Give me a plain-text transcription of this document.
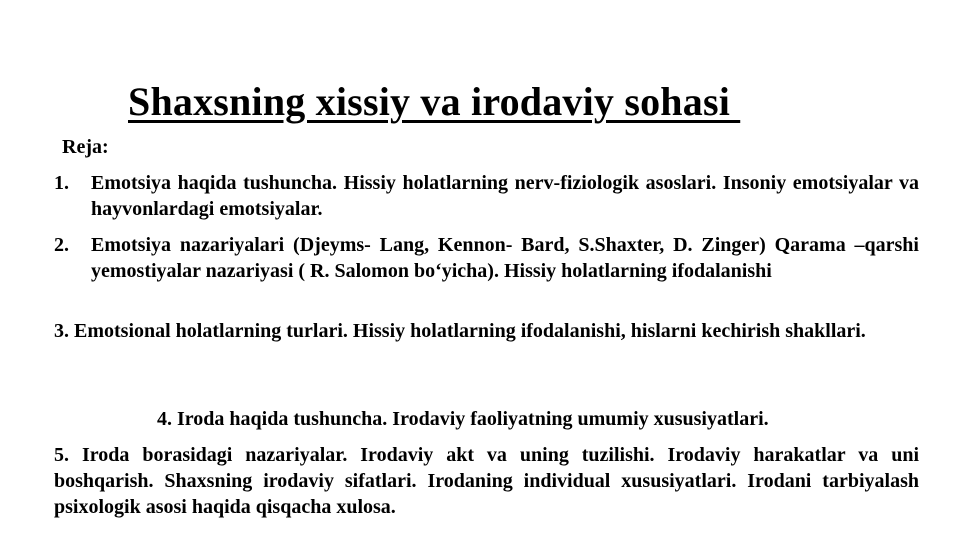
Shaxsning xissiy va irodaviy sohasi
Reja:
1.	Emotsiya haqida tushuncha. Hissiy holatlarning nerv-fiziologik asoslari. Insoniy emotsiyalar va hayvonlardagi emotsiyalar.
2.	Emotsiya nazariyalari (Djeyms- Lang, Kennon- Bard, S.Shaxter, D. Zinger) Qarama –qarshi yemostiyalar nazariyasi ( R. Salomon bo‘yicha). Hissiy holatlarning ifodalanishi
3. Emotsional holatlarning turlari. Hissiy holatlarning ifodalanishi, hislarni kechirish shakllari.
4. Iroda haqida tushuncha. Irodaviy faoliyatning umumiy xususiyatlari.
5. Iroda borasidagi nazariyalar. Irodaviy akt va uning tuzilishi. Irodaviy harakatlar va uni boshqarish. Shaxsning irodaviy sifatlari. Irodaning individual xususiyatlari. Irodani tarbiyalash psixologik asosi haqida qisqacha xulosa.
